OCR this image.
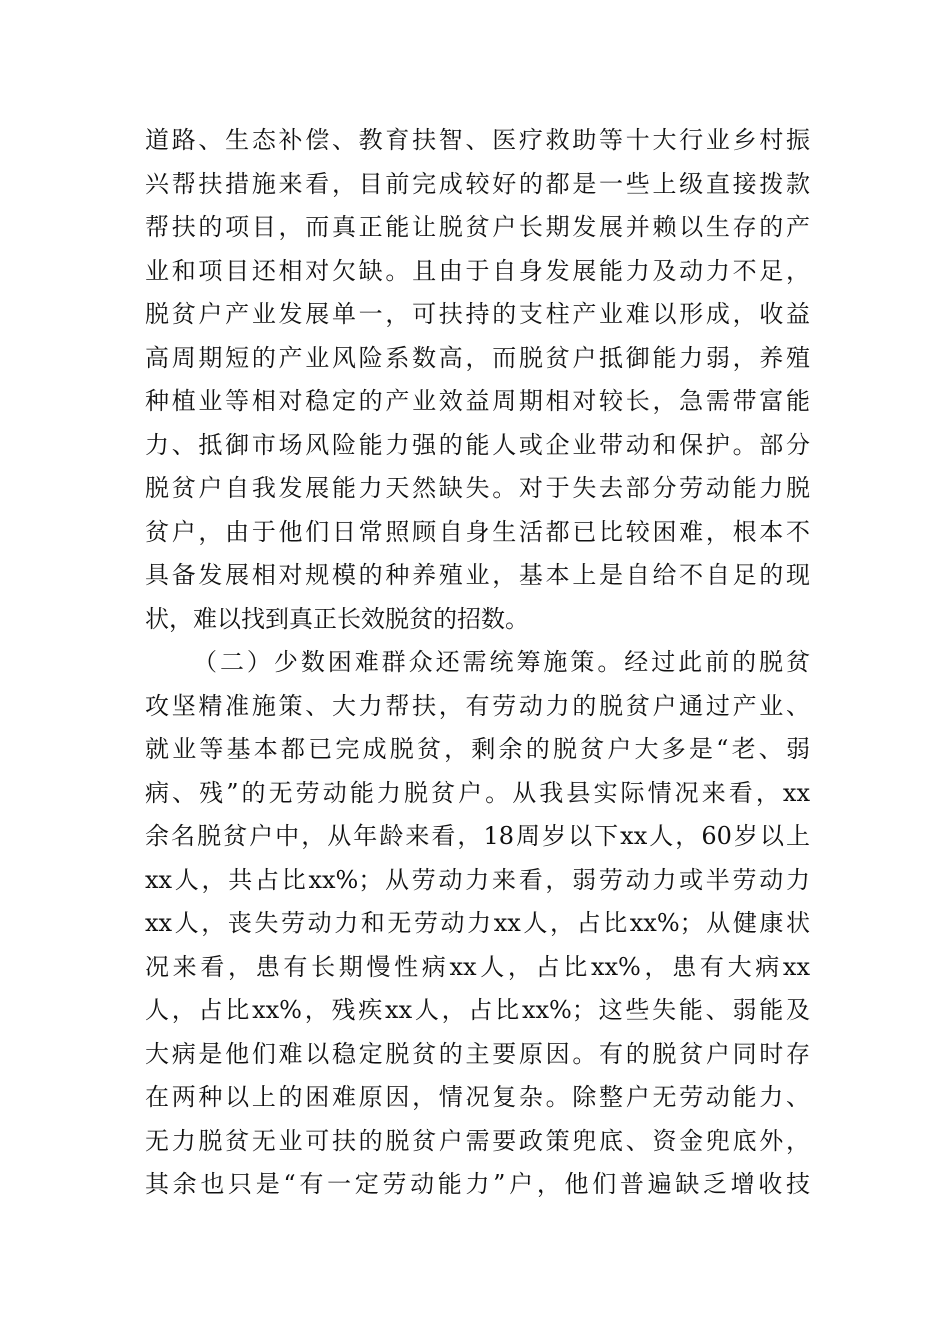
道路、生态补偿、教育扶智、医疗救助等十大行业乡村振
兴帮扶措施来看，目前完成较好的都是一些上级直接拨款
帮扶的项目，而真正能让脱贫户长期发展并赖以生存的产
业和项目还相对欠缺。且由于自身发展能力及动力不足，
脱贫户产业发展单一，可扶持的支柱产业难以形成，收益
高周期短的产业风险系数高，而脱贫户抵御能力弱，养殖
种植业等相对稳定的产业效益周期相对较长，急需带富能
力、抵御市场风险能力强的能人或企业带动和保护。部分
脱贫户自我发展能力天然缺失。对于失去部分劳动能力脱
贫户，由于他们日常照顾自身生活都已比较困难，根本不
具备发展相对规模的种养殖业，基本上是自给不自足的现
状，难以找到真正长效脱贫的招数。
（二）少数困难群众还需统筹施策。经过此前的脱贫
攻坚精准施策、大力帮扶，有劳动力的脱贫户通过产业、
就业等基本都已完成脱贫，剩余的脱贫户大多是“老、弱
病、残”的无劳动能力脱贫户。从我县实际情况来看，xx
余名脱贫户中，从年龄来看，18周岁以下xx人，60岁以上
xx人，共占比xx%；从劳动力来看，弱劳动力或半劳动力
xx人，丧失劳动力和无劳动力xx人，占比xx%；从健康状
况来看，患有长期慢性病xx人，占比xx%，患有大病xx
人，占比xx%，残疾xx人，占比xx%；这些失能、弱能及
大病是他们难以稳定脱贫的主要原因。有的脱贫户同时存
在两种以上的困难原因，情况复杂。除整户无劳动能力、
无力脱贫无业可扶的脱贫户需要政策兜底、资金兜底外，
其余也只是“有一定劳动能力”户，他们普遍缺乏增收技
